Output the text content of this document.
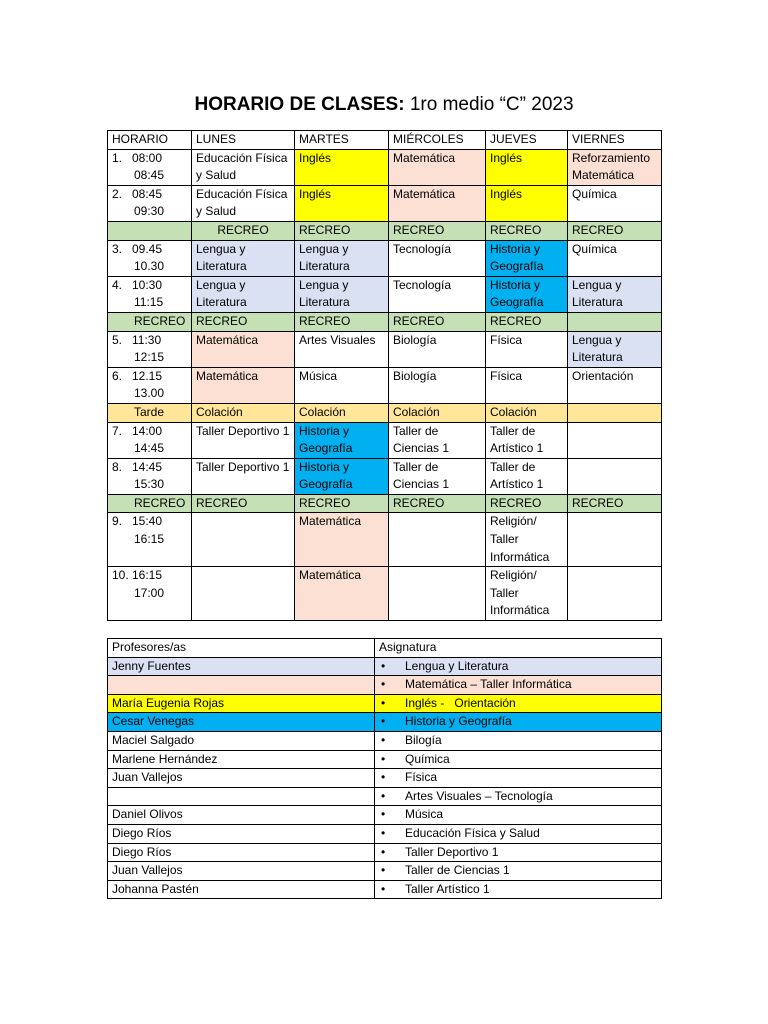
HORARIO DE CLASES: 1ro medio “C” 2023
HORARIO	LUNES	MARTES	MIÉRCOLES	JUEVES	VIERNES

1. 08:00
08:45	Educación Física y Salud	Inglés	Matemática	Inglés	Reforzamiento Matemática

2. 08:45
09:30	Educación Física y Salud	Inglés	Matemática	Inglés	Química
	RECREO	RECREO	RECREO	RECREO	RECREO

3. 09.45
10.30	Lengua y Literatura	Lengua y Literatura	Tecnología	Historia y Geografía	Química

4. 10:30
11:15	Lengua y Literatura	Lengua y Literatura	Tecnología	Historia y Geografía	Lengua y Literatura
RECREO	RECREO	RECREO	RECREO	RECREO	

5. 11:30
12:15	Matemática	Artes Visuales	Biología	Física	Lengua y Literatura

6. 12.15
13.00	Matemática	Música	Biología	Física	Orientación
Tarde	Colación	Colación	Colación	Colación	

7. 14:00
14:45	Taller Deportivo 1	Historia y Geografía	Taller de Ciencias 1	Taller de Artístico 1	

8. 14:45
15:30	Taller Deportivo 1	Historia y Geografía	Taller de Ciencias 1	Taller de Artístico 1	
RECREO	RECREO	RECREO	RECREO	RECREO	RECREO

9. 15:40
16:15		Matemática		Religión/ Taller Informática	

10. 16:15
17:00		Matemática		Religión/ Taller Informática	
Profesores/as	Asignatura
Jenny Fuentes	• Lengua y Literatura
	• Matemática – Taller Informática
María Eugenia Rojas	• Inglés -   Orientación
Cesar Venegas	• Historia y Geografía
Maciel Salgado	• Bilogía
Marlene Hernández	• Química
Juan Vallejos	• Física
	• Artes Visuales – Tecnología
Daniel Olivos	• Música
Diego Ríos	• Educación Física y Salud
Diego Ríos	• Taller Deportivo 1
Juan Vallejos	• Taller de Ciencias 1
Johanna Pastén	• Taller Artístico 1
